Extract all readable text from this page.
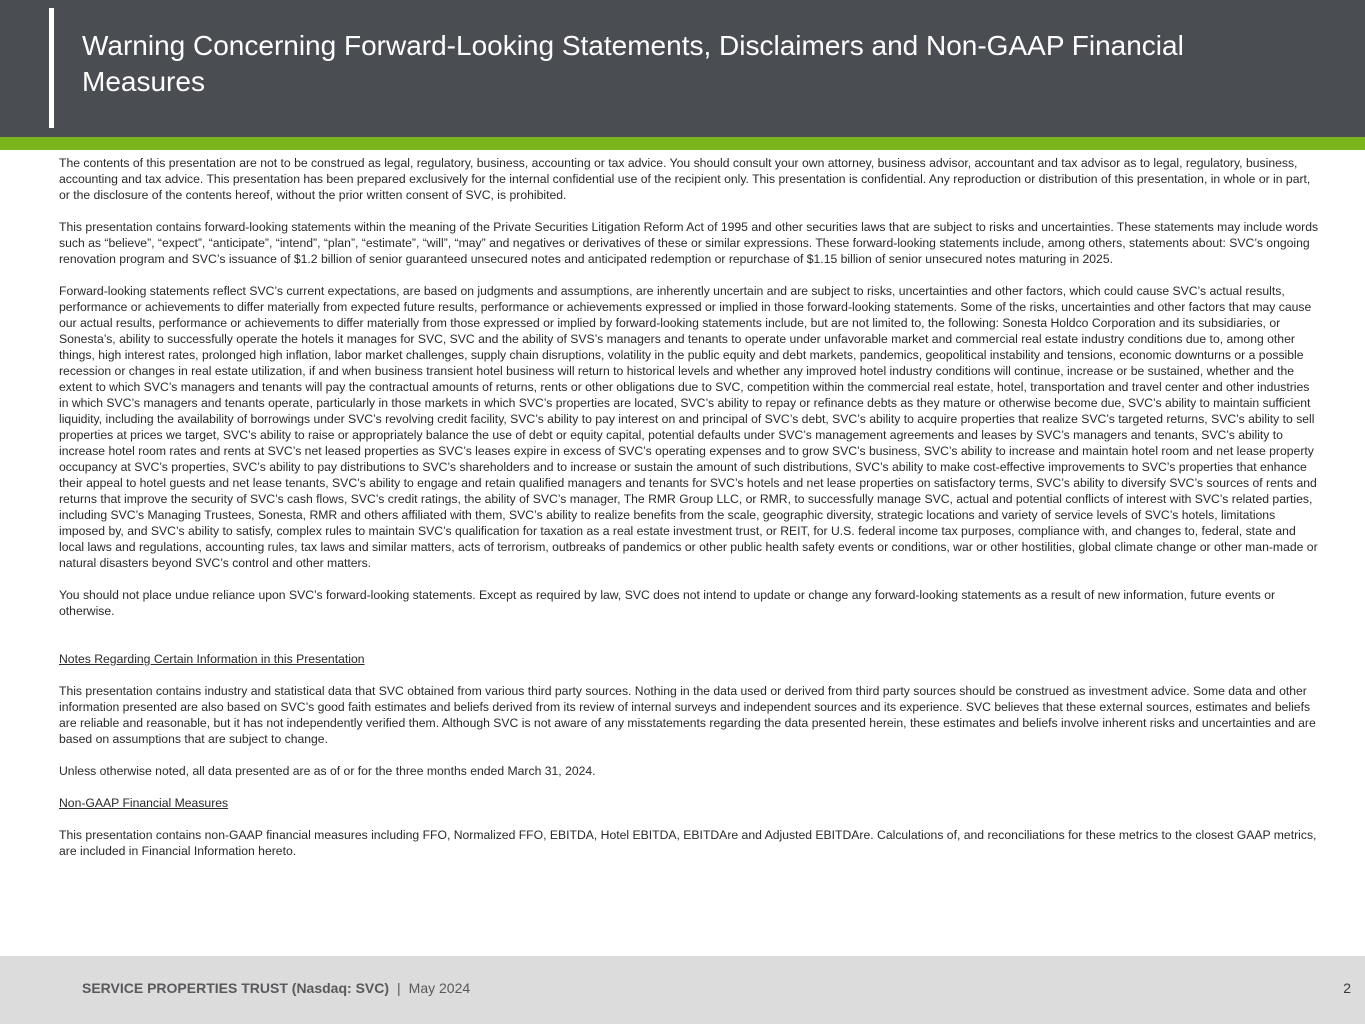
Warning Concerning Forward-Looking Statements, Disclaimers and Non-GAAP Financial Measures

The contents of this presentation are not to be construed as legal, regulatory, business, accounting or tax advice. You should consult your own attorney, business advisor, accountant and tax advisor as to legal, regulatory, business, accounting and tax advice. This presentation has been prepared exclusively for the internal confidential use of the recipient only. This presentation is confidential. Any reproduction or distribution of this presentation, in whole or in part, or the disclosure of the contents hereof, without the prior written consent of SVC, is prohibited.

This presentation contains forward-looking statements within the meaning of the Private Securities Litigation Reform Act of 1995 and other securities laws that are subject to risks and uncertainties. These statements may include words such as “believe”, “expect”, “anticipate”, “intend”, “plan”, “estimate”, “will”, “may” and negatives or derivatives of these or similar expressions. These forward-looking statements include, among others, statements about: SVC’s ongoing renovation program and SVC’s issuance of $1.2 billion of senior guaranteed unsecured notes and anticipated redemption or repurchase of $1.15 billion of senior unsecured notes maturing in 2025.

Forward-looking statements reflect SVC’s current expectations, are based on judgments and assumptions, are inherently uncertain and are subject to risks, uncertainties and other factors, which could cause SVC’s actual results, performance or achievements to differ materially from expected future results, performance or achievements expressed or implied in those forward-looking statements. Some of the risks, uncertainties and other factors that may cause our actual results, performance or achievements to differ materially from those expressed or implied by forward-looking statements include, but are not limited to, the following: Sonesta Holdco Corporation and its subsidiaries, or Sonesta’s, ability to successfully operate the hotels it manages for SVC, SVC and the ability of SVS’s managers and tenants to operate under unfavorable market and commercial real estate industry conditions due to, among other things, high interest rates, prolonged high inflation, labor market challenges, supply chain disruptions, volatility in the public equity and debt markets, pandemics, geopolitical instability and tensions, economic downturns or a possible recession or changes in real estate utilization, if and when business transient hotel business will return to historical levels and whether any improved hotel industry conditions will continue, increase or be sustained, whether and the extent to which SVC’s managers and tenants will pay the contractual amounts of returns, rents or other obligations due to SVC, competition within the commercial real estate, hotel, transportation and travel center and other industries in which SVC’s managers and tenants operate, particularly in those markets in which SVC’s properties are located, SVC’s ability to repay or refinance debts as they mature or otherwise become due, SVC’s ability to maintain sufficient liquidity, including the availability of borrowings under SVC’s revolving credit facility, SVC’s ability to pay interest on and principal of SVC’s debt, SVC’s ability to acquire properties that realize SVC’s targeted returns, SVC’s ability to sell properties at prices we target, SVC’s ability to raise or appropriately balance the use of debt or equity capital, potential defaults under SVC’s management agreements and leases by SVC’s managers and tenants, SVC’s ability to increase hotel room rates and rents at SVC’s net leased properties as SVC’s leases expire in excess of SVC’s operating expenses and to grow SVC’s business, SVC’s ability to increase and maintain hotel room and net lease property occupancy at SVC’s properties, SVC’s ability to pay distributions to SVC’s shareholders and to increase or sustain the amount of such distributions, SVC’s ability to make cost-effective improvements to SVC’s properties that enhance their appeal to hotel guests and net lease tenants, SVC’s ability to engage and retain qualified managers and tenants for SVC’s hotels and net lease properties on satisfactory terms, SVC’s ability to diversify SVC’s sources of rents and returns that improve the security of SVC’s cash flows, SVC’s credit ratings, the ability of SVC’s manager, The RMR Group LLC, or RMR, to successfully manage SVC, actual and potential conflicts of interest with SVC’s related parties, including SVC’s Managing Trustees, Sonesta, RMR and others affiliated with them, SVC’s ability to realize benefits from the scale, geographic diversity, strategic locations and variety of service levels of SVC’s hotels, limitations imposed by, and SVC’s ability to satisfy, complex rules to maintain SVC’s qualification for taxation as a real estate investment trust, or REIT, for U.S. federal income tax purposes, compliance with, and changes to, federal, state and local laws and regulations, accounting rules, tax laws and similar matters, acts of terrorism, outbreaks of pandemics or other public health safety events or conditions, war or other hostilities, global climate change or other man-made or natural disasters beyond SVC’s control and other matters.

You should not place undue reliance upon SVC’s forward-looking statements. Except as required by law, SVC does not intend to update or change any forward-looking statements as a result of new information, future events or otherwise.

Notes Regarding Certain Information in this Presentation

This presentation contains industry and statistical data that SVC obtained from various third party sources. Nothing in the data used or derived from third party sources should be construed as investment advice. Some data and other information presented are also based on SVC’s good faith estimates and beliefs derived from its review of internal surveys and independent sources and its experience. SVC believes that these external sources, estimates and beliefs are reliable and reasonable, but it has not independently verified them. Although SVC is not aware of any misstatements regarding the data presented herein, these estimates and beliefs involve inherent risks and uncertainties and are based on assumptions that are subject to change.

Unless otherwise noted, all data presented are as of or for the three months ended March 31, 2024.

Non-GAAP Financial Measures

This presentation contains non-GAAP financial measures including FFO, Normalized FFO, EBITDA, Hotel EBITDA, EBITDAre and Adjusted EBITDAre. Calculations of, and reconciliations for these metrics to the closest GAAP metrics, are included in Financial Information hereto.

SERVICE PROPERTIES TRUST (Nasdaq: SVC) | May 2024	2
